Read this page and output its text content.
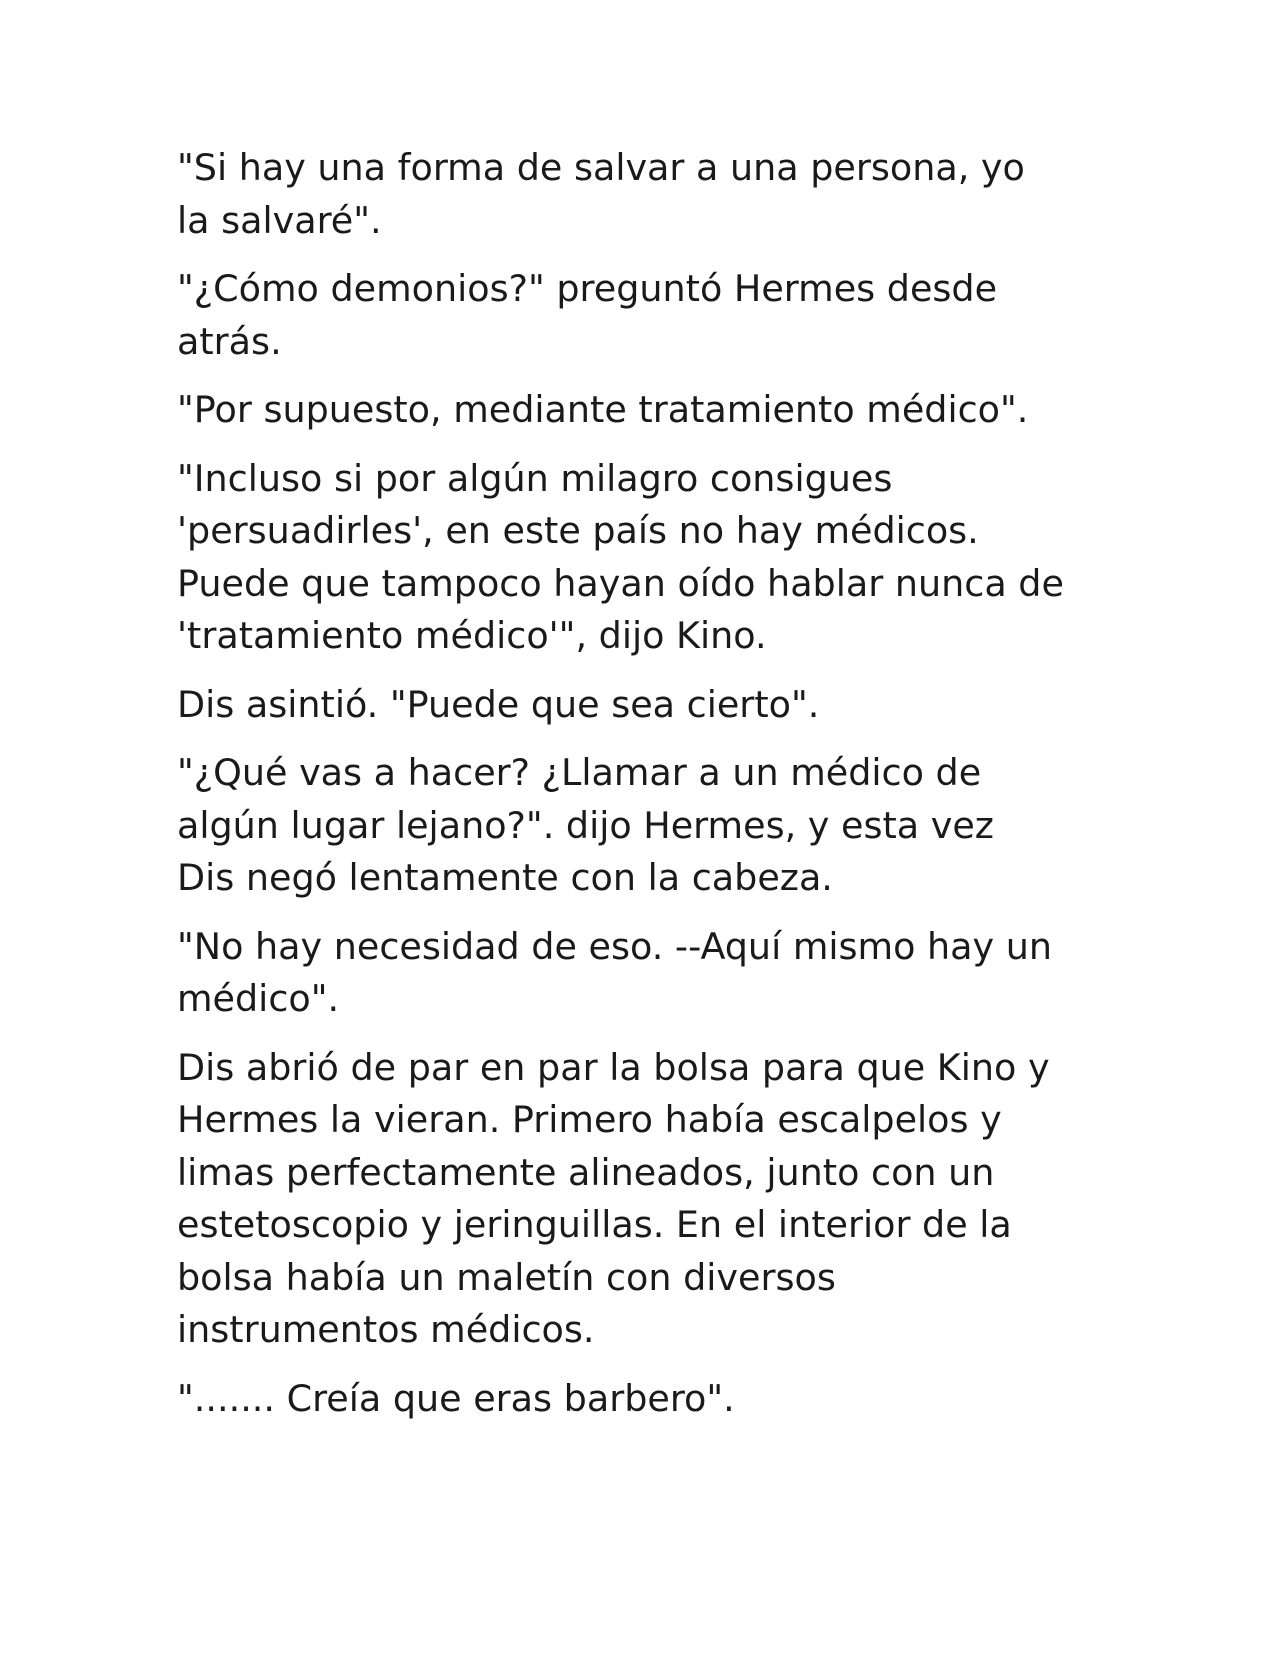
"Si hay una forma de salvar a una persona, yo
la salvaré".

"¿Cómo demonios?" preguntó Hermes desde
atrás.

"Por supuesto, mediante tratamiento médico".

"Incluso si por algún milagro consigues
'persuadirles', en este país no hay médicos.
Puede que tampoco hayan oído hablar nunca de
'tratamiento médico'", dijo Kino.

Dis asintió. "Puede que sea cierto".

"¿Qué vas a hacer? ¿Llamar a un médico de
algún lugar lejano?". dijo Hermes, y esta vez
Dis negó lentamente con la cabeza.

"No hay necesidad de eso. --Aquí mismo hay un
médico".

Dis abrió de par en par la bolsa para que Kino y
Hermes la vieran. Primero había escalpelos y
limas perfectamente alineados, junto con un
estetoscopio y jeringuillas. En el interior de la
bolsa había un maletín con diversos
instrumentos médicos.

"....... Creía que eras barbero".
